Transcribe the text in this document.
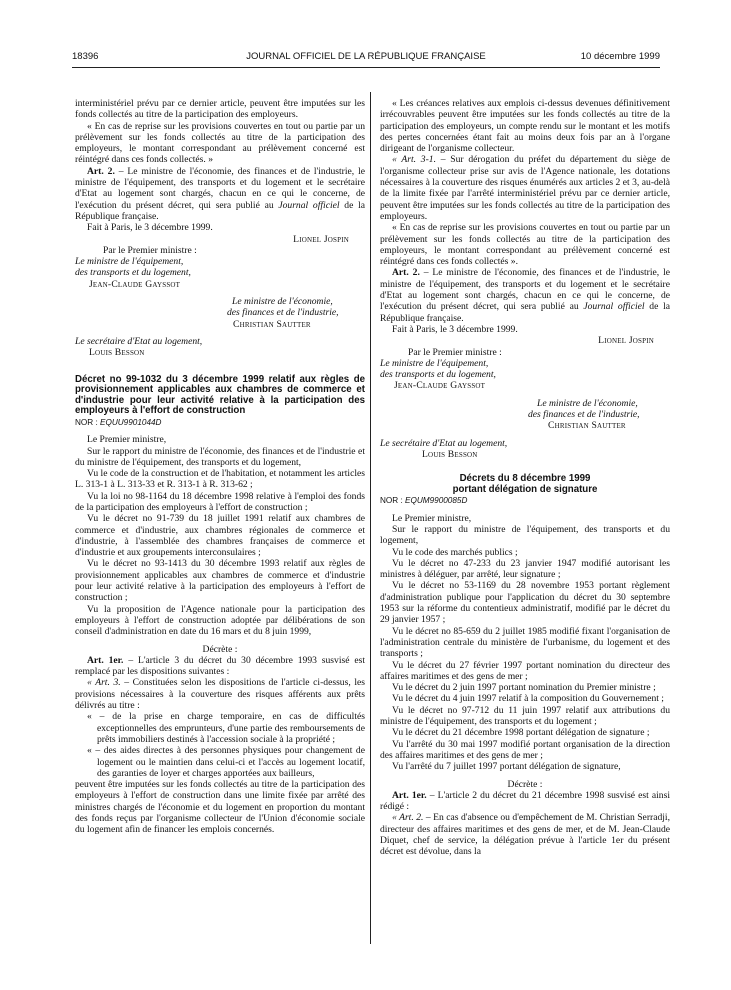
18396	JOURNAL OFFICIEL DE LA RÉPUBLIQUE FRANÇAISE	10 décembre 1999

interministériel prévu par ce dernier article, peuvent être imputées sur les fonds collectés au titre de la participation des employeurs.

« En cas de reprise sur les provisions couvertes en tout ou partie par un prélèvement sur les fonds collectés au titre de la participation des employeurs, le montant correspondant au prélèvement concerné est réintégré dans ces fonds collectés. »

Art. 2. – Le ministre de l'économie, des finances et de l'industrie, le ministre de l'équipement, des transports et du logement et le secrétaire d'Etat au logement sont chargés, chacun en ce qui le concerne, de l'exécution du présent décret, qui sera publié au Journal officiel de la République française.

Fait à Paris, le 3 décembre 1999.

Lionel Jospin

Par le Premier ministre :

Le ministre de l'équipement,

des transports et du logement,

Jean-Claude Gayssot

Le ministre de l'économie,

des finances et de l'industrie,

Christian Sautter

Le secrétaire d'Etat au logement,

Louis Besson

Décret no 99-1032 du 3 décembre 1999 relatif aux règles de provisionnement applicables aux chambres de commerce et d'industrie pour leur activité relative à la participation des employeurs à l'effort de construction

NOR : EQUU9901044D

Le Premier ministre,

Sur le rapport du ministre de l'économie, des finances et de l'industrie et du ministre de l'équipement, des transports et du logement,

Vu le code de la construction et de l'habitation, et notamment les articles L. 313-1 à L. 313-33 et R. 313-1 à R. 313-62 ;

Vu la loi no 98-1164 du 18 décembre 1998 relative à l'emploi des fonds de la participation des employeurs à l'effort de construction ;

Vu le décret no 91-739 du 18 juillet 1991 relatif aux chambres de commerce et d'industrie, aux chambres régionales de commerce et d'industrie, à l'assemblée des chambres françaises de commerce et d'industrie et aux groupements interconsulaires ;

Vu le décret no 93-1413 du 30 décembre 1993 relatif aux règles de provisionnement applicables aux chambres de commerce et d'industrie pour leur activité relative à la participation des employeurs à l'effort de construction ;

Vu la proposition de l'Agence nationale pour la participation des employeurs à l'effort de construction adoptée par délibérations de son conseil d'administration en date du 16 mars et du 8 juin 1999,

Décrète :

Art. 1er. – L'article 3 du décret du 30 décembre 1993 susvisé est remplacé par les dispositions suivantes :

« Art. 3. – Constituées selon les dispositions de l'article ci-dessus, les provisions nécessaires à la couverture des risques afférents aux prêts délivrés au titre :

« – de la prise en charge temporaire, en cas de difficultés exceptionnelles des emprunteurs, d'une partie des remboursements de prêts immobiliers destinés à l'accession sociale à la propriété ;

« – des aides directes à des personnes physiques pour changement de logement ou le maintien dans celui-ci et l'accès au logement locatif, des garanties de loyer et charges apportées aux bailleurs,

peuvent être imputées sur les fonds collectés au titre de la participation des employeurs à l'effort de construction dans une limite fixée par arrêté des ministres chargés de l'économie et du logement en proportion du montant des fonds reçus par l'organisme collecteur de l'Union d'économie sociale du logement afin de financer les emplois concernés.

« Les créances relatives aux emplois ci-dessus devenues définitivement irrécouvrables peuvent être imputées sur les fonds collectés au titre de la participation des employeurs, un compte rendu sur le montant et les motifs des pertes concernées étant fait au moins deux fois par an à l'organe dirigeant de l'organisme collecteur.

« Art. 3-1. – Sur dérogation du préfet du département du siège de l'organisme collecteur prise sur avis de l'Agence nationale, les dotations nécessaires à la couverture des risques énumérés aux articles 2 et 3, au-delà de la limite fixée par l'arrêté interministériel prévu par ce dernier article, peuvent être imputées sur les fonds collectés au titre de la participation des employeurs.

« En cas de reprise sur les provisions couvertes en tout ou partie par un prélèvement sur les fonds collectés au titre de la participation des employeurs, le montant correspondant au prélèvement concerné est réintégré dans ces fonds collectés ».

Art. 2. – Le ministre de l'économie, des finances et de l'industrie, le ministre de l'équipement, des transports et du logement et le secrétaire d'Etat au logement sont chargés, chacun en ce qui le concerne, de l'exécution du présent décret, qui sera publié au Journal officiel de la République française.

Fait à Paris, le 3 décembre 1999.

Lionel Jospin

Par le Premier ministre :

Le ministre de l'équipement,

des transports et du logement,

Jean-Claude Gayssot

Le ministre de l'économie,

des finances et de l'industrie,

Christian Sautter

Le secrétaire d'Etat au logement,

Louis Besson

Décrets du 8 décembre 1999

portant délégation de signature

NOR : EQUM9900085D

Le Premier ministre,

Sur le rapport du ministre de l'équipement, des transports et du logement,

Vu le code des marchés publics ;

Vu le décret no 47-233 du 23 janvier 1947 modifié autorisant les ministres à déléguer, par arrêté, leur signature ;

Vu le décret no 53-1169 du 28 novembre 1953 portant règlement d'administration publique pour l'application du décret du 30 septembre 1953 sur la réforme du contentieux administratif, modifié par le décret du 29 janvier 1957 ;

Vu le décret no 85-659 du 2 juillet 1985 modifié fixant l'organisation de l'administration centrale du ministère de l'urbanisme, du logement et des transports ;

Vu le décret du 27 février 1997 portant nomination du directeur des affaires maritimes et des gens de mer ;

Vu le décret du 2 juin 1997 portant nomination du Premier ministre ;

Vu le décret du 4 juin 1997 relatif à la composition du Gouvernement ;

Vu le décret no 97-712 du 11 juin 1997 relatif aux attributions du ministre de l'équipement, des transports et du logement ;

Vu le décret du 21 décembre 1998 portant délégation de signature ;

Vu l'arrêté du 30 mai 1997 modifié portant organisation de la direction des affaires maritimes et des gens de mer ;

Vu l'arrêté du 7 juillet 1997 portant délégation de signature,

Décrète :

Art. 1er. – L'article 2 du décret du 21 décembre 1998 susvisé est ainsi rédigé :

« Art. 2. – En cas d'absence ou d'empêchement de M. Christian Serradji, directeur des affaires maritimes et des gens de mer, et de M. Jean-Claude Diquet, chef de service, la délégation prévue à l'article 1er du présent décret est dévolue, dans la
